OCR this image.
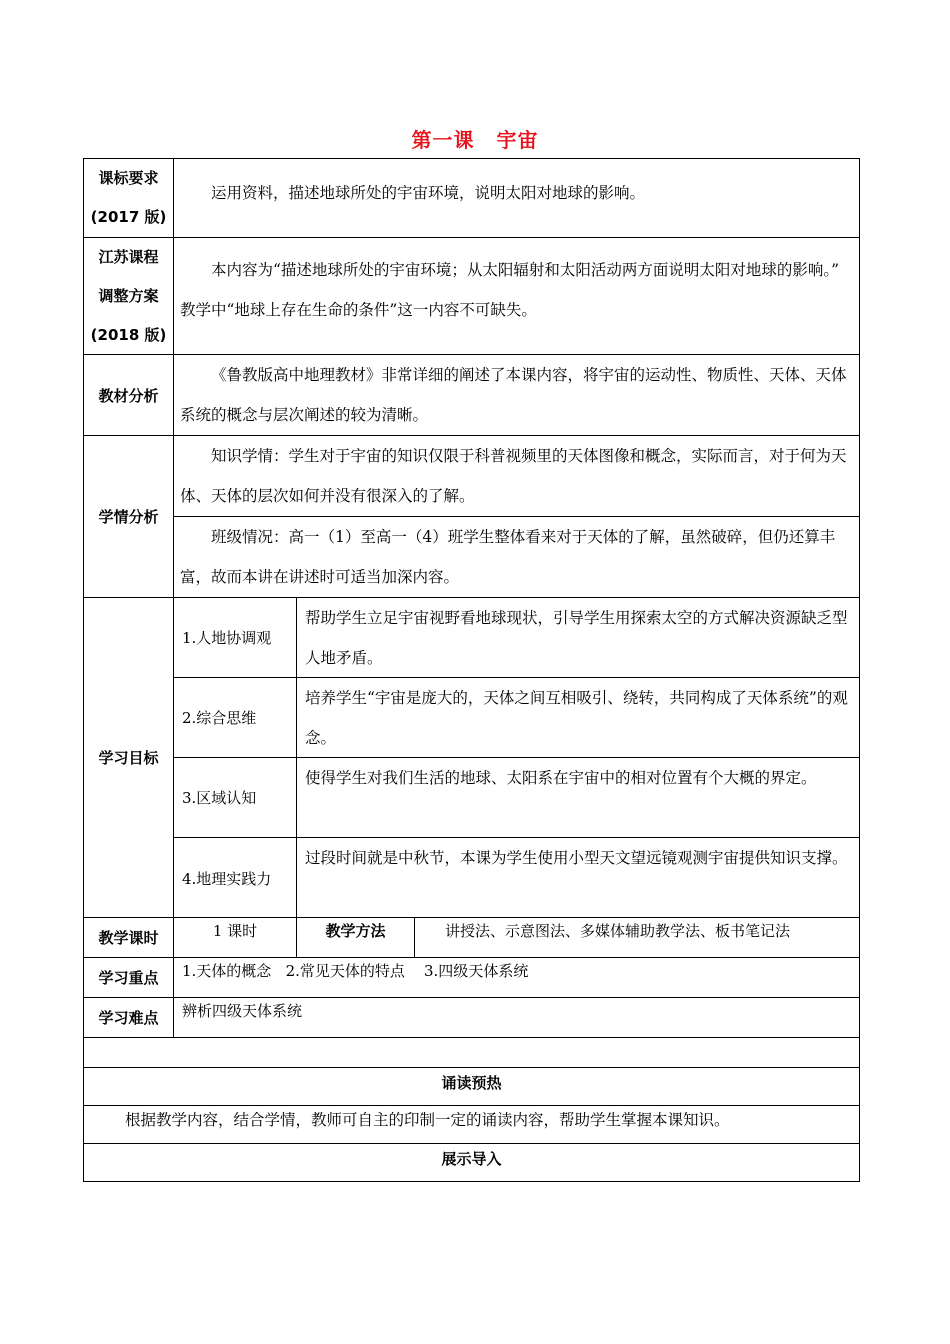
第一课 宇宙
课标要求
(2017 版)

运用资料，描述地球所处的宇宙环境，说明太阳对地球的影响。

江苏课程
调整方案
(2018 版)

本内容为“描述地球所处的宇宙环境；从太阳辐射和太阳活动两方面说明太阳对地球的影响。” 教学中“地球上存在生命的条件”这一内容不可缺失。

教材分析

《鲁教版高中地理教材》非常详细的阐述了本课内容，将宇宙的运动性、物质性、天体、天体系统的概念与层次阐述的较为清晰。

学情分析

知识学情：学生对于宇宙的知识仅限于科普视频里的天体图像和概念，实际而言，对于何为天体、天体的层次如何并没有很深入的了解。

班级情况：高一（1）至高一（4）班学生整体看来对于天体的了解，虽然破碎，但仍还算丰富，故而本讲在讲述时可适当加深内容。

学习目标
1.人地协调观
帮助学生立足宇宙视野看地球现状，引导学生用探索太空的方式解决资源缺乏型人地矛盾。
2.综合思维
培养学生“宇宙是庞大的，天体之间互相吸引、绕转，共同构成了天体系统”的观念。
3.区域认知
使得学生对我们生活的地球、太阳系在宇宙中的相对位置有个大概的界定。
4.地理实践力
过段时间就是中秋节，本课为学生使用小型天文望远镜观测宇宙提供知识支撑。
教学课时	1 课时	教学方法	讲授法、示意图法、多媒体辅助教学法、板书笔记法
学习重点	1.天体的概念   2.常见天体的特点    3.四级天体系统
学习难点	辨析四级天体系统
诵读预热

根据教学内容，结合学情，教师可自主的印制一定的诵读内容，帮助学生掌握本课知识。

展示导入
